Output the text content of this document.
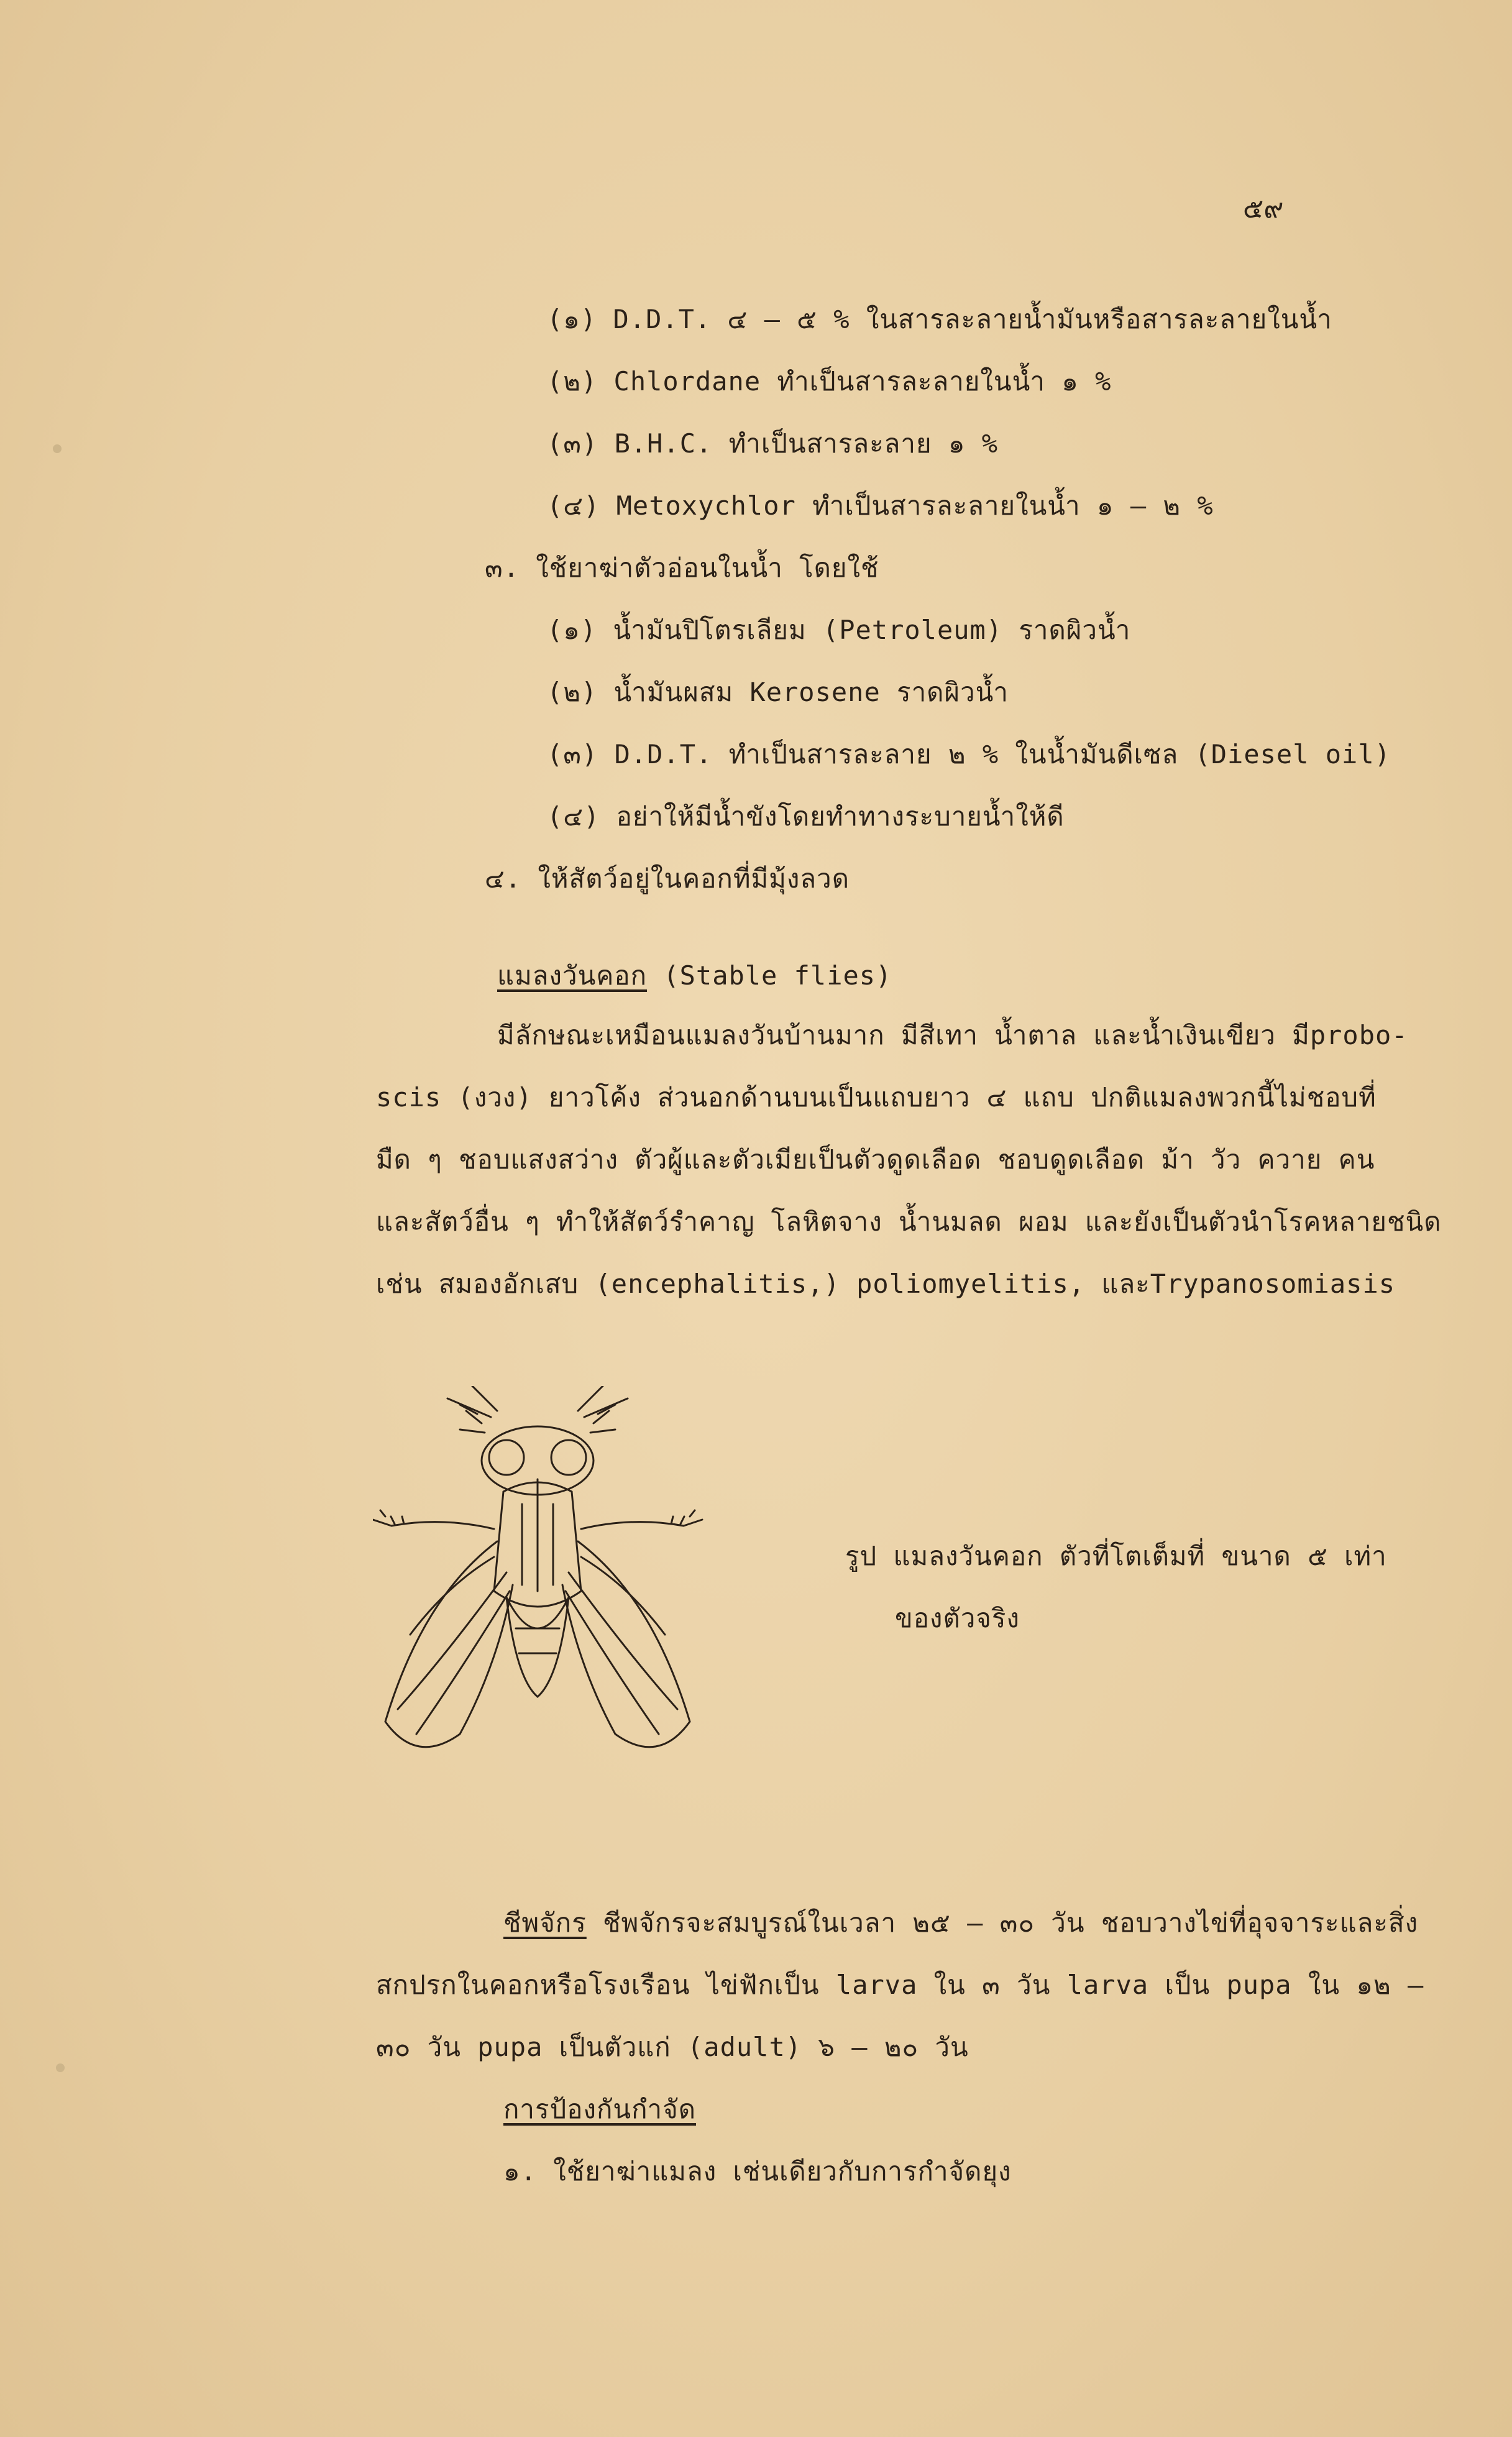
๕๙
(๑) D.D.T. ๔ – ๕ % ในสารละลายน้ำมันหรือสารละลายในน้ำ
(๒) Chlordane ทำเป็นสารละลายในน้ำ ๑ %
(๓) B.H.C. ทำเป็นสารละลาย ๑ %
(๔) Metoxychlor ทำเป็นสารละลายในน้ำ ๑ – ๒ %
๓. ใช้ยาฆ่าตัวอ่อนในน้ำ โดยใช้
(๑) น้ำมันปิโตรเลียม (Petroleum) ราดผิวน้ำ
(๒) น้ำมันผสม Kerosene ราดผิวน้ำ
(๓) D.D.T. ทำเป็นสารละลาย ๒ % ในน้ำมันดีเซล (Diesel oil)
(๔) อย่าให้มีน้ำขังโดยทำทางระบายน้ำให้ดี
๔. ให้สัตว์อยู่ในคอกที่มีมุ้งลวด
แมลงวันคอก (Stable flies)
มีลักษณะเหมือนแมลงวันบ้านมาก มีสีเทา น้ำตาล และน้ำเงินเขียว มีprobo-
scis (งวง) ยาวโค้ง ส่วนอกด้านบนเป็นแถบยาว ๔ แถบ ปกติแมลงพวกนี้ไม่ชอบที่
มืด ๆ ชอบแสงสว่าง ตัวผู้และตัวเมียเป็นตัวดูดเลือด ชอบดูดเลือด ม้า วัว ควาย คน
และสัตว์อื่น ๆ ทำให้สัตว์รำคาญ โลหิตจาง น้ำนมลด ผอม และยังเป็นตัวนำโรคหลายชนิด
เช่น สมองอักเสบ (encephalitis,) poliomyelitis, และTrypanosomiasis
รูป แมลงวันคอก ตัวที่โตเต็มที่ ขนาด ๕ เท่า
ของตัวจริง
ชีพจักร ชีพจักรจะสมบูรณ์ในเวลา ๒๕ – ๓๐ วัน ชอบวางไข่ที่อุจจาระและสิ่ง
สกปรกในคอกหรือโรงเรือน ไข่ฟักเป็น larva ใน ๓ วัน larva เป็น pupa ใน ๑๒ –
๓๐ วัน pupa เป็นตัวแก่ (adult) ๖ – ๒๐ วัน
การป้องกันกำจัด
๑. ใช้ยาฆ่าแมลง เช่นเดียวกับการกำจัดยุง
